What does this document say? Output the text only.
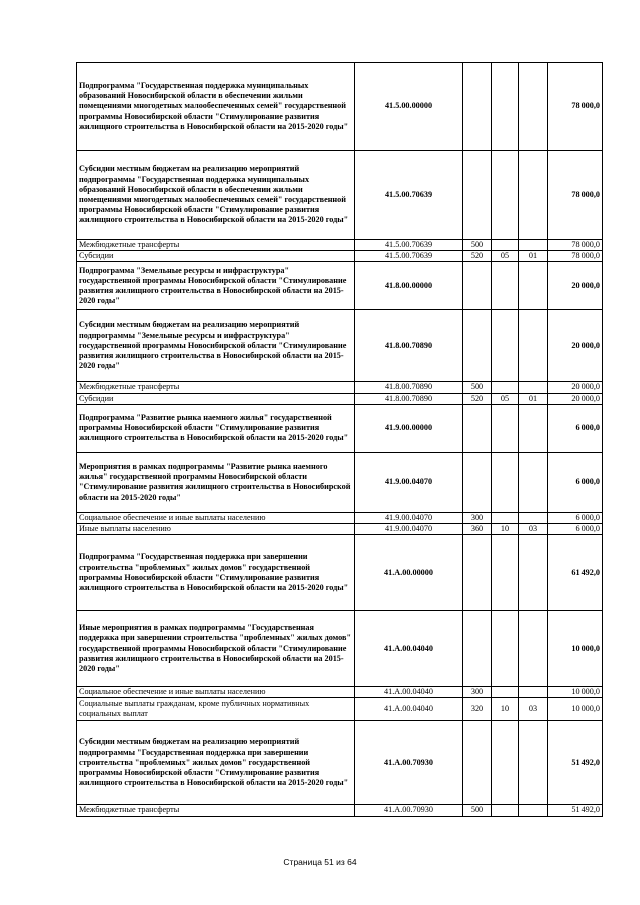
Подпрограмма "Государственная поддержка муниципальных образований Новосибирской области в обеспечении жильми помещениями многодетных малообеспеченных семей" государственной программы Новосибирской области "Стимулирование развития жилищного строительства в Новосибирской области на 2015-2020 годы"	41.5.00.00000				78 000,0
Субсидии местным бюджетам на реализацию мероприятий подпрограммы "Государственная поддержка муниципальных образований Новосибирской области в обеспечении жильми помещениями многодетных малообеспеченных семей" государственной программы Новосибирской области "Стимулирование развития жилищного строительства в Новосибирской области на 2015-2020 годы"	41.5.00.70639				78 000,0
Межбюджетные трансферты	41.5.00.70639	500			78 000,0
Субсидии	41.5.00.70639	520	05	01	78 000,0
Подпрограмма "Земельные ресурсы и инфраструктура" государственной программы Новосибирской области "Стимулирование развития жилищного строительства в Новосибирской области на 2015-2020 годы"	41.8.00.00000				20 000,0
Субсидии местным бюджетам на реализацию мероприятий подпрограммы "Земельные ресурсы и инфраструктура" государственной программы Новосибирской области "Стимулирование развития жилищного строительства в Новосибирской области на 2015-2020 годы"	41.8.00.70890				20 000,0
Межбюджетные трансферты	41.8.00.70890	500			20 000,0
Субсидии	41.8.00.70890	520	05	01	20 000,0
Подпрограмма "Развитие рынка наемного жилья" государственной программы Новосибирской области "Стимулирование развития жилищного строительства в Новосибирской области на 2015-2020 годы"	41.9.00.00000				6 000,0
Мероприятия в рамках подпрограммы "Развитие рынка наемного жилья" государственной программы Новосибирской области "Стимулирование развития жилищного строительства в Новосибирской области на 2015-2020 годы"	41.9.00.04070				6 000,0
Социальное обеспечение и иные выплаты населению	41.9.00.04070	300			6 000,0
Иные выплаты населению	41.9.00.04070	360	10	03	6 000,0
Подпрограмма "Государственная поддержка при завершении строительства "проблемных" жилых домов" государственной программы Новосибирской области "Стимулирование развития жилищного строительства в Новосибирской области на 2015-2020 годы"	41.А.00.00000				61 492,0
Иные мероприятия в рамках подпрограммы "Государственная поддержка при завершении строительства "проблемных" жилых домов" государственной программы Новосибирской области "Стимулирование развития жилищного строительства в Новосибирской области на 2015-2020 годы"	41.А.00.04040				10 000,0
Социальное обеспечение и иные выплаты населению	41.А.00.04040	300			10 000,0
Социальные выплаты гражданам, кроме публичных нормативных социальных выплат	41.А.00.04040	320	10	03	10 000,0
Субсидии местным бюджетам на реализацию мероприятий подпрограммы "Государственная поддержка при завершении строительства "проблемных" жилых домов" государственной программы Новосибирской области "Стимулирование развития жилищного строительства в Новосибирской области на 2015-2020 годы"	41.А.00.70930				51 492,0
Межбюджетные трансферты	41.А.00.70930	500			51 492,0
Страница 51 из 64
